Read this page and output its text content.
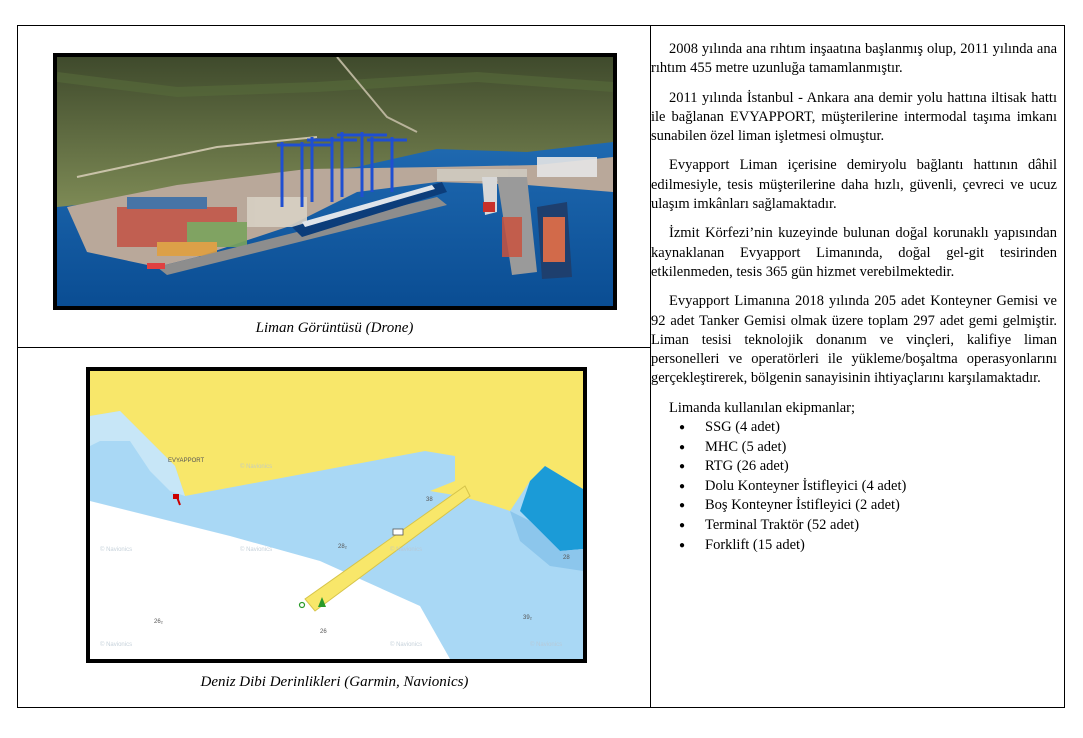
Liman Görüntüsü (Drone)
EVYAPPORT
38
28₂
26₂
26
39₂
28
© Navionics
© Navionics	© Navionics	© Navionics
© Navionics	© Navionics	© Navionics
Deniz Dibi Derinlikleri (Garmin, Navionics)

2008 yılında ana rıhtım inşaatına başlanmış olup, 2011 yılında ana rıhtım 455 metre uzunluğa tamamlanmıştır.

2011 yılında İstanbul - Ankara ana demir yolu hattına iltisak hattı ile bağlanan EVYAPPORT, müşterilerine intermodal taşıma imkanı sunabilen özel liman işletmesi olmuştur.

Evyapport Liman içerisine demiryolu bağlantı hattının dâhil edilmesiyle, tesis müşterilerine daha hızlı, güvenli, çevreci ve ucuz ulaşım imkânları sağlamaktadır.

İzmit Körfezi’nin kuzeyinde bulunan doğal korunaklı yapısından kaynaklanan Evyapport Limanında, doğal gel-git tesirinden etkilenmeden, tesis 365 gün hizmet verebilmektedir.

Evyapport Limanına 2018 yılında 205 adet Konteyner Gemisi ve 92 adet Tanker Gemisi olmak üzere toplam 297 adet gemi gelmiştir. Liman tesisi teknolojik donanım ve vinçleri, kalifiye liman personelleri ve operatörleri ile yükleme/boşaltma operasyonlarını gerçekleştirerek, bölgenin sanayisinin ihtiyaçlarını karşılamaktadır.

Limanda kullanılan ekipmanlar;
● SSG (4 adet)
● MHC (5 adet)
● RTG (26 adet)
● Dolu Konteyner İstifleyici (4 adet)
● Boş Konteyner İstifleyici (2 adet)
● Terminal Traktör (52 adet)
● Forklift (15 adet)
